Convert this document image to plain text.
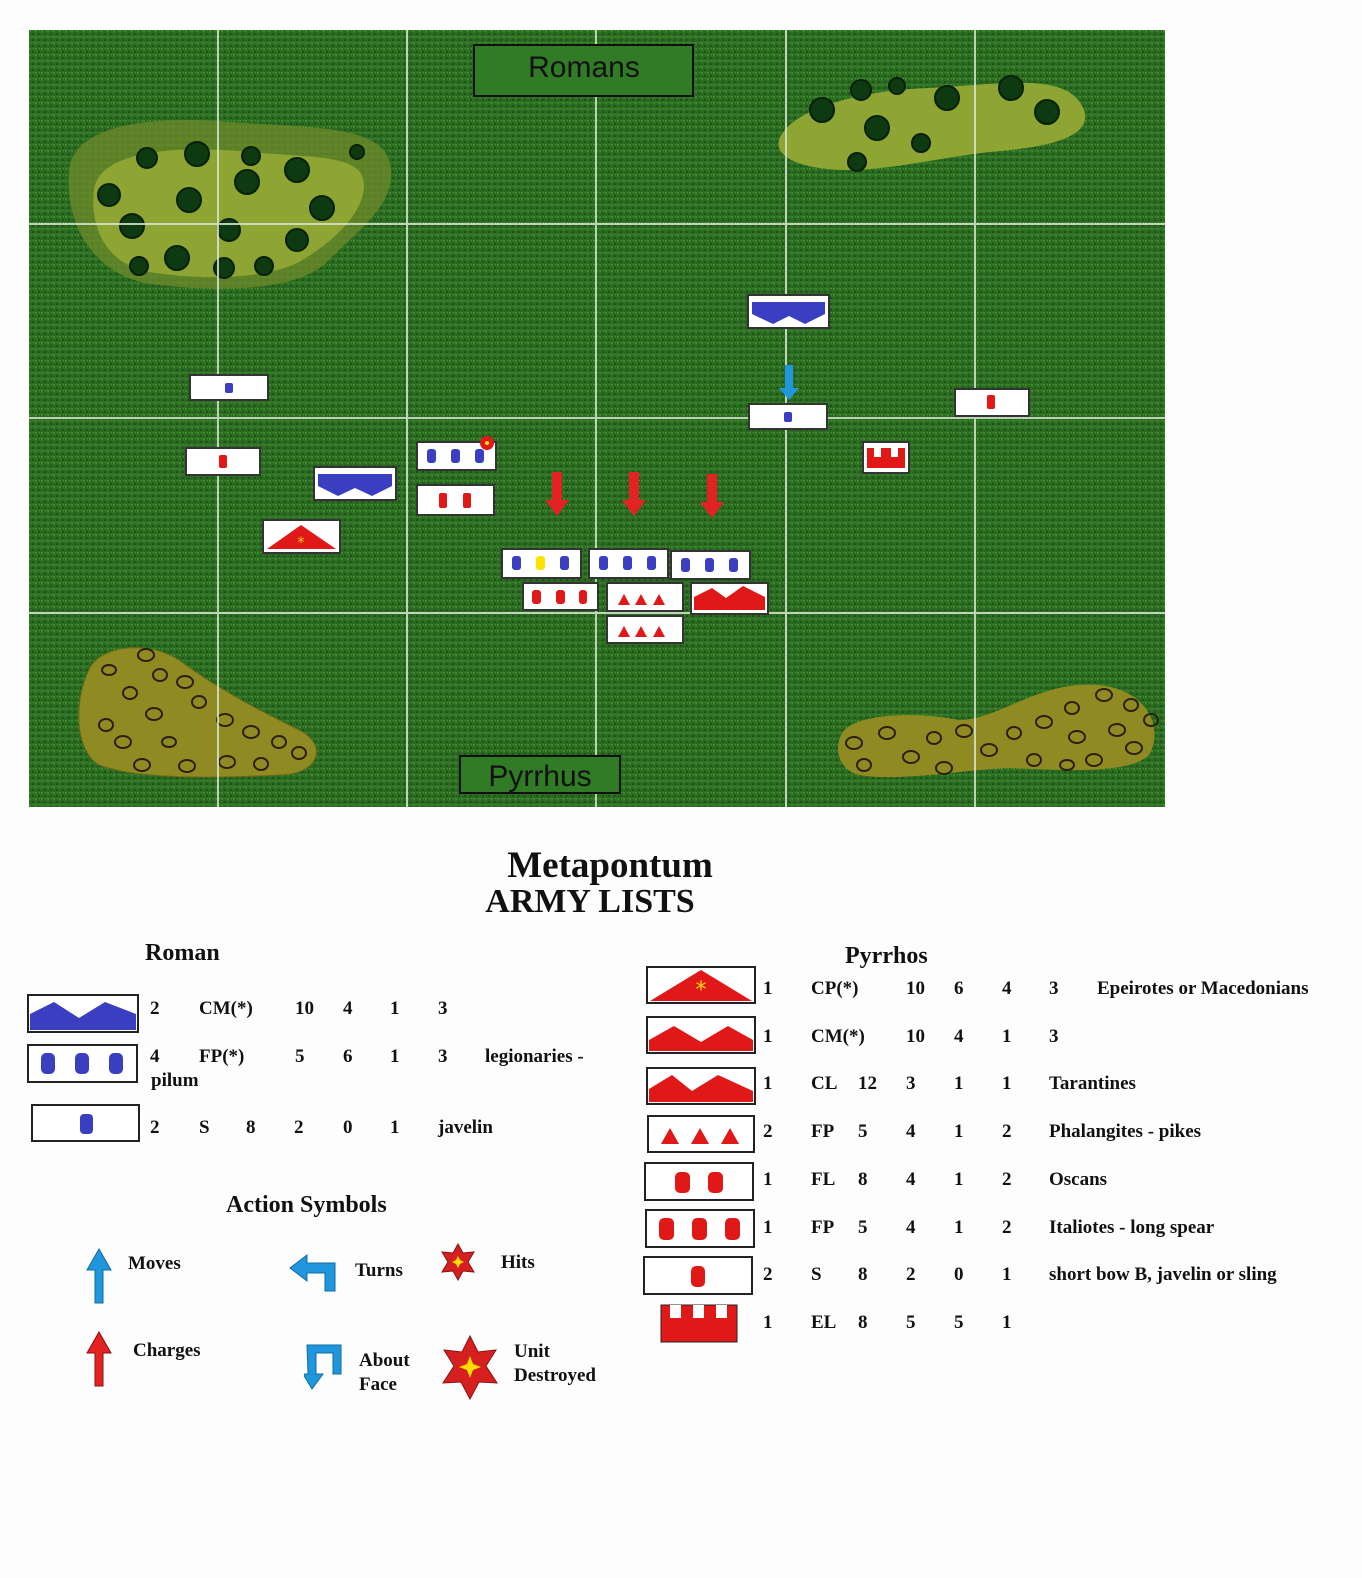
Romans
Pyrrhus
*
Metapontum
ARMY LISTS
Roman
2 CM(*) 10 4 1 3
4 FP(*)	5 6 1 3 legionaries -
pilum
2 S 8 2 0 1 javelin
Action Symbols
Moves	Turns	Hits
Charges	About
Face
Unit
Destroyed
Pyrrhos
*	1 CP(*)	10 6 4 3 Epeirotes or Macedonians
1 CM(*) 10 4 1 3
1 CL 12 3 1 1 Tarantines
2 FP 5 4 1 2 Phalangites - pikes
1 FL 8 4 1 2 Oscans
1 FP 5 4 1 2 Italiotes - long spear
2 S 8 2 0 1 short bow B, javelin or sling
1 EL 8 5 5 1
